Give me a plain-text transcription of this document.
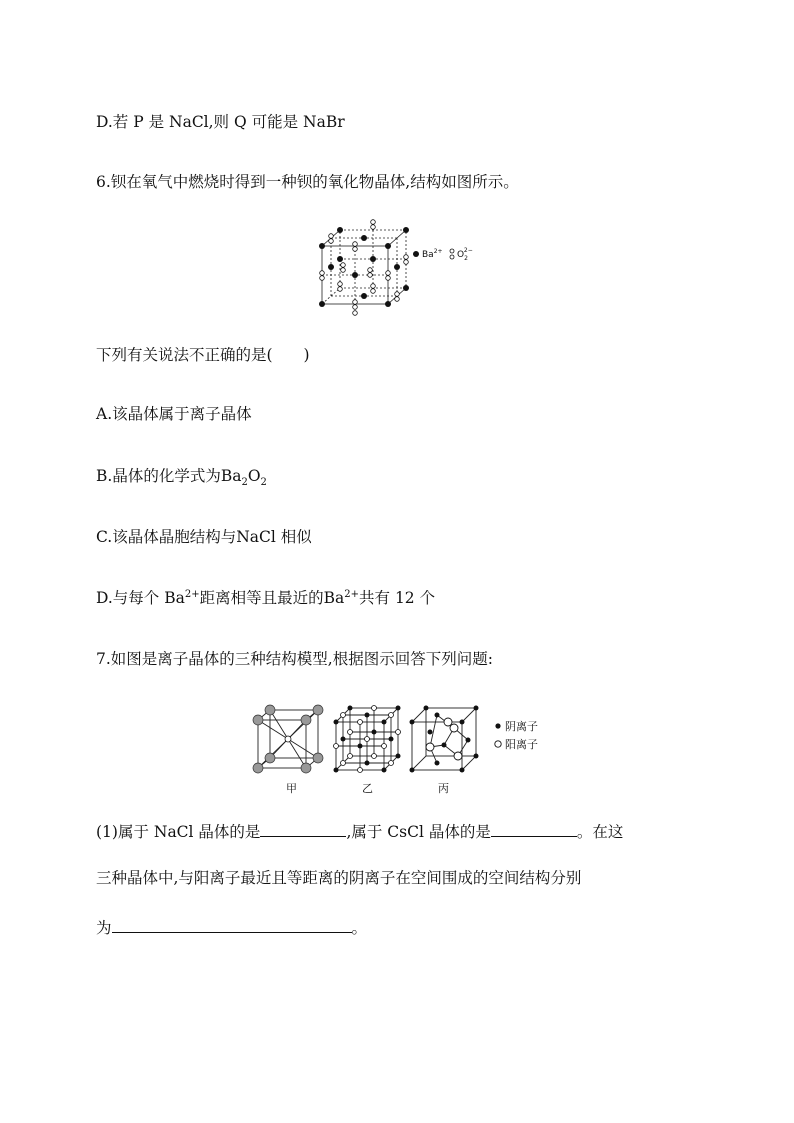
D.若 P 是 NaCl,则 Q 可能是 NaBr
6.钡在氧气中燃烧时得到一种钡的氧化物晶体,结构如图所示。
$Ba^{2+}$ $O_22-$
下列有关说法不正确的是(　　)
A.该晶体属于离子晶体
B.晶体的化学式为$Ba_2O_2$
C.该晶体晶胞结构与NaCl 相似
D.与每个 $Ba^{2+}$距离相等且最近的$Ba^{2+}$共有 12 个
7.如图是离子晶体的三种结构模型,根据图示回答下列问题:
甲	乙	丙
阴离子
阳离子
(1)属于 NaCl 晶体的是	,属于 CsCl 晶体的是	。在这
三种晶体中,与阳离子最近且等距离的阴离子在空间围成的空间结构分别
为	。
